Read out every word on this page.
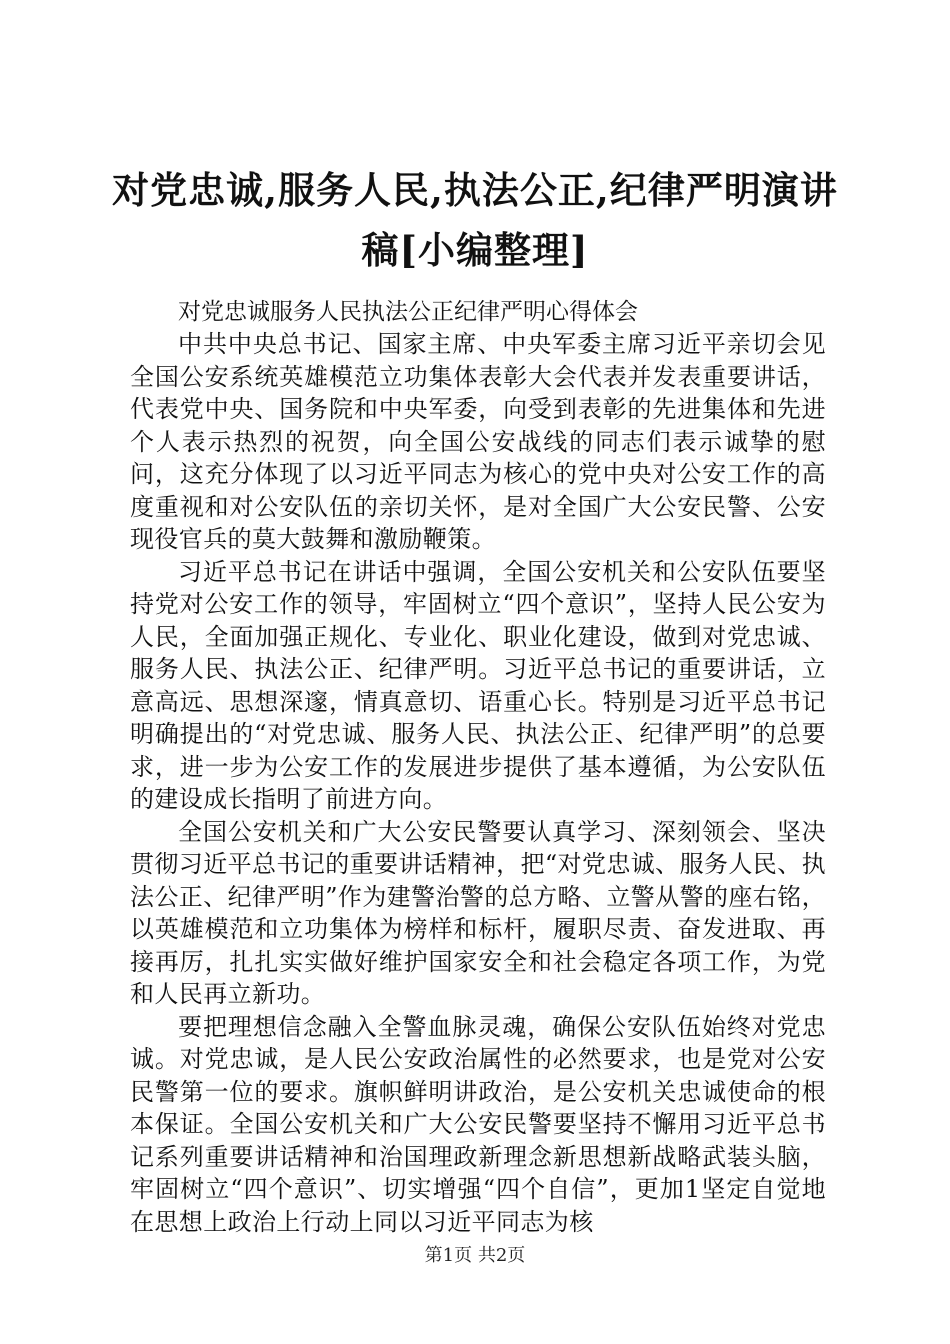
对党忠诚,服务人民,执法公正,纪律严明演讲稿[小编整理]

对党忠诚服务人民执法公正纪律严明心得体会

中共中央总书记、国家主席、中央军委主席习近平亲切会见全国公安系统英雄模范立功集体表彰大会代表并发表重要讲话，代表党中央、国务院和中央军委，向受到表彰的先进集体和先进个人表示热烈的祝贺，向全国公安战线的同志们表示诚挚的慰问，这充分体现了以习近平同志为核心的党中央对公安工作的高度重视和对公安队伍的亲切关怀，是对全国广大公安民警、公安现役官兵的莫大鼓舞和激励鞭策。

习近平总书记在讲话中强调，全国公安机关和公安队伍要坚持党对公安工作的领导，牢固树立“四个意识”，坚持人民公安为人民，全面加强正规化、专业化、职业化建设，做到对党忠诚、服务人民、执法公正、纪律严明。习近平总书记的重要讲话，立意高远、思想深邃，情真意切、语重心长。特别是习近平总书记明确提出的“对党忠诚、服务人民、执法公正、纪律严明”的总要求，进一步为公安工作的发展进步提供了基本遵循，为公安队伍的建设成长指明了前进方向。

全国公安机关和广大公安民警要认真学习、深刻领会、坚决贯彻习近平总书记的重要讲话精神，把“对党忠诚、服务人民、执法公正、纪律严明”作为建警治警的总方略、立警从警的座右铭，以英雄模范和立功集体为榜样和标杆，履职尽责、奋发进取、再接再厉，扎扎实实做好维护国家安全和社会稳定各项工作，为党和人民再立新功。

要把理想信念融入全警血脉灵魂，确保公安队伍始终对党忠诚。对党忠诚，是人民公安政治属性的必然要求，也是党对公安民警第一位的要求。旗帜鲜明讲政治，是公安机关忠诚使命的根本保证。全国公安机关和广大公安民警要坚持不懈用习近平总书记系列重要讲话精神和治国理政新理念新思想新战略武装头脑，牢固树立“四个意识”、切实增强“四个自信”，更加1坚定自觉地在思想上政治上行动上同以习近平同志为核

第1页 共2页
